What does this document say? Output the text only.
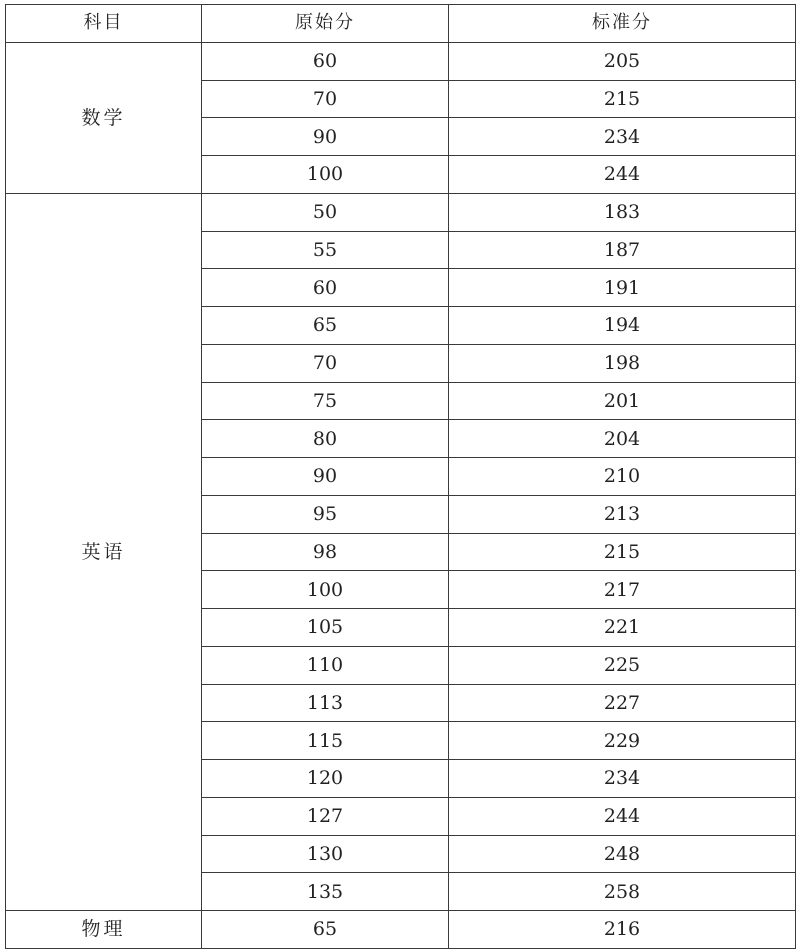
科目	原始分	标准分
数学	60	205
	70	215
	90	234
	100	244
英语	50	183
	55	187
	60	191
	65	194
	70	198
	75	201
	80	204
	90	210
	95	213
	98	215
	100	217
	105	221
	110	225
	113	227
	115	229
	120	234
	127	244
	130	248
	135	258
物理	65	216
